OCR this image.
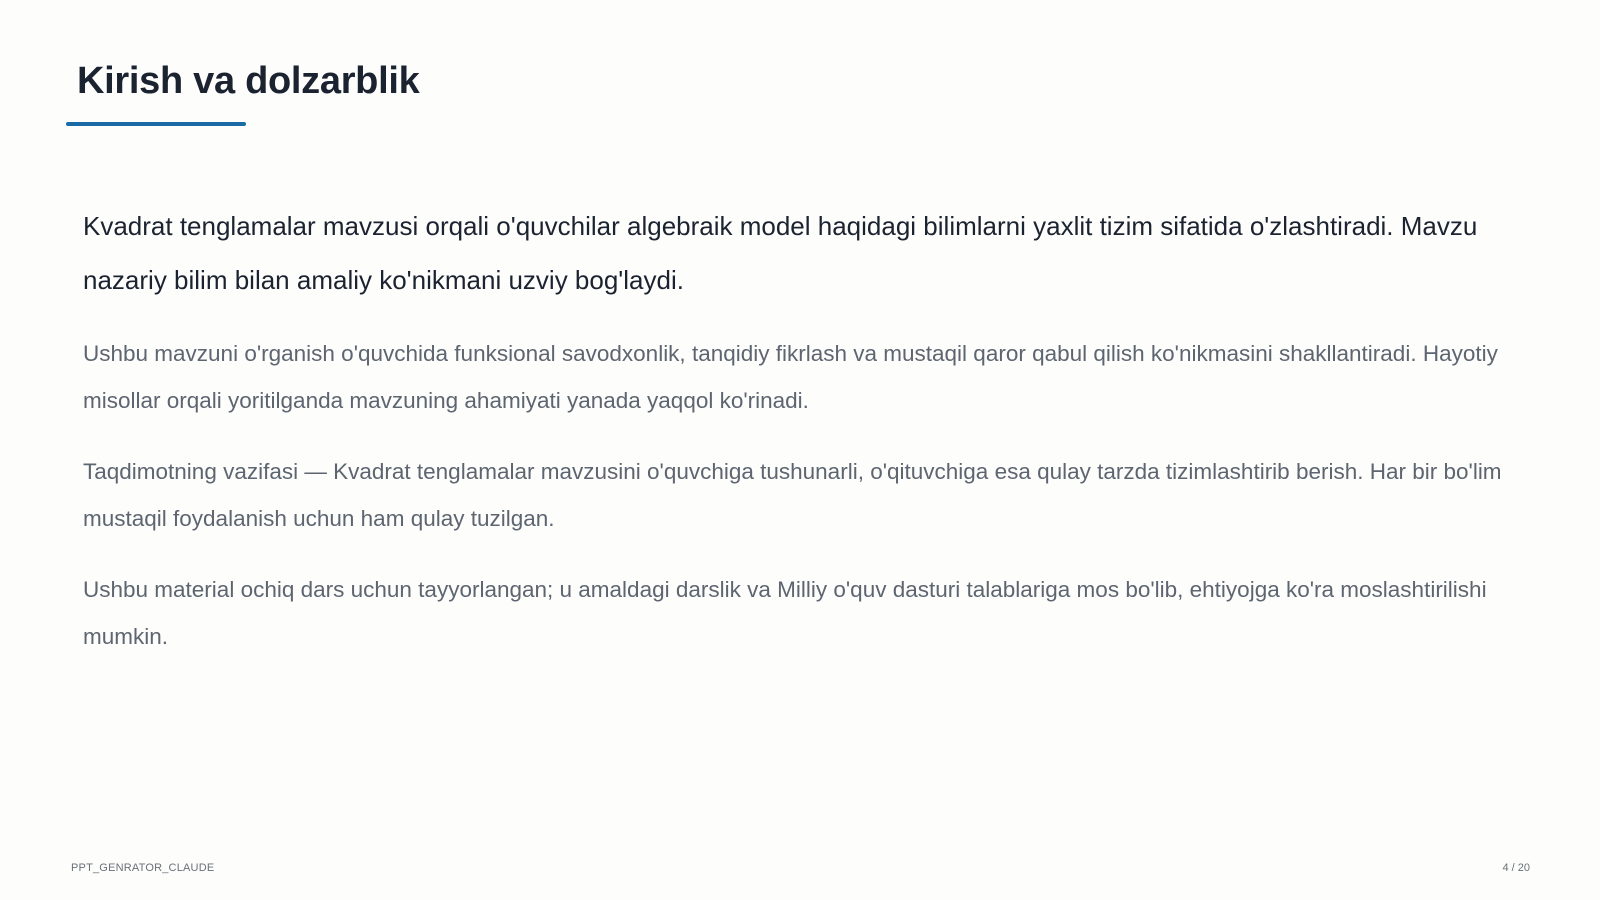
Kirish va dolzarblik

Kvadrat tenglamalar mavzusi orqali o'quvchilar algebraik model haqidagi bilimlarni yaxlit tizim sifatida o'zlashtiradi. Mavzu nazariy bilim bilan amaliy ko'nikmani uzviy bog'laydi.

Ushbu mavzuni o'rganish o'quvchida funksional savodxonlik, tanqidiy fikrlash va mustaqil qaror qabul qilish ko'nikmasini shakllantiradi. Hayotiy misollar orqali yoritilganda mavzuning ahamiyati yanada yaqqol ko'rinadi.

Taqdimotning vazifasi — Kvadrat tenglamalar mavzusini o'quvchiga tushunarli, o'qituvchiga esa qulay tarzda tizimlashtirib berish. Har bir bo'lim mustaqil foydalanish uchun ham qulay tuzilgan.

Ushbu material ochiq dars uchun tayyorlangan; u amaldagi darslik va Milliy o'quv dasturi talablariga mos bo'lib, ehtiyojga ko'ra moslashtirilishi mumkin.

PPT_GENRATOR_CLAUDE	4 / 20
